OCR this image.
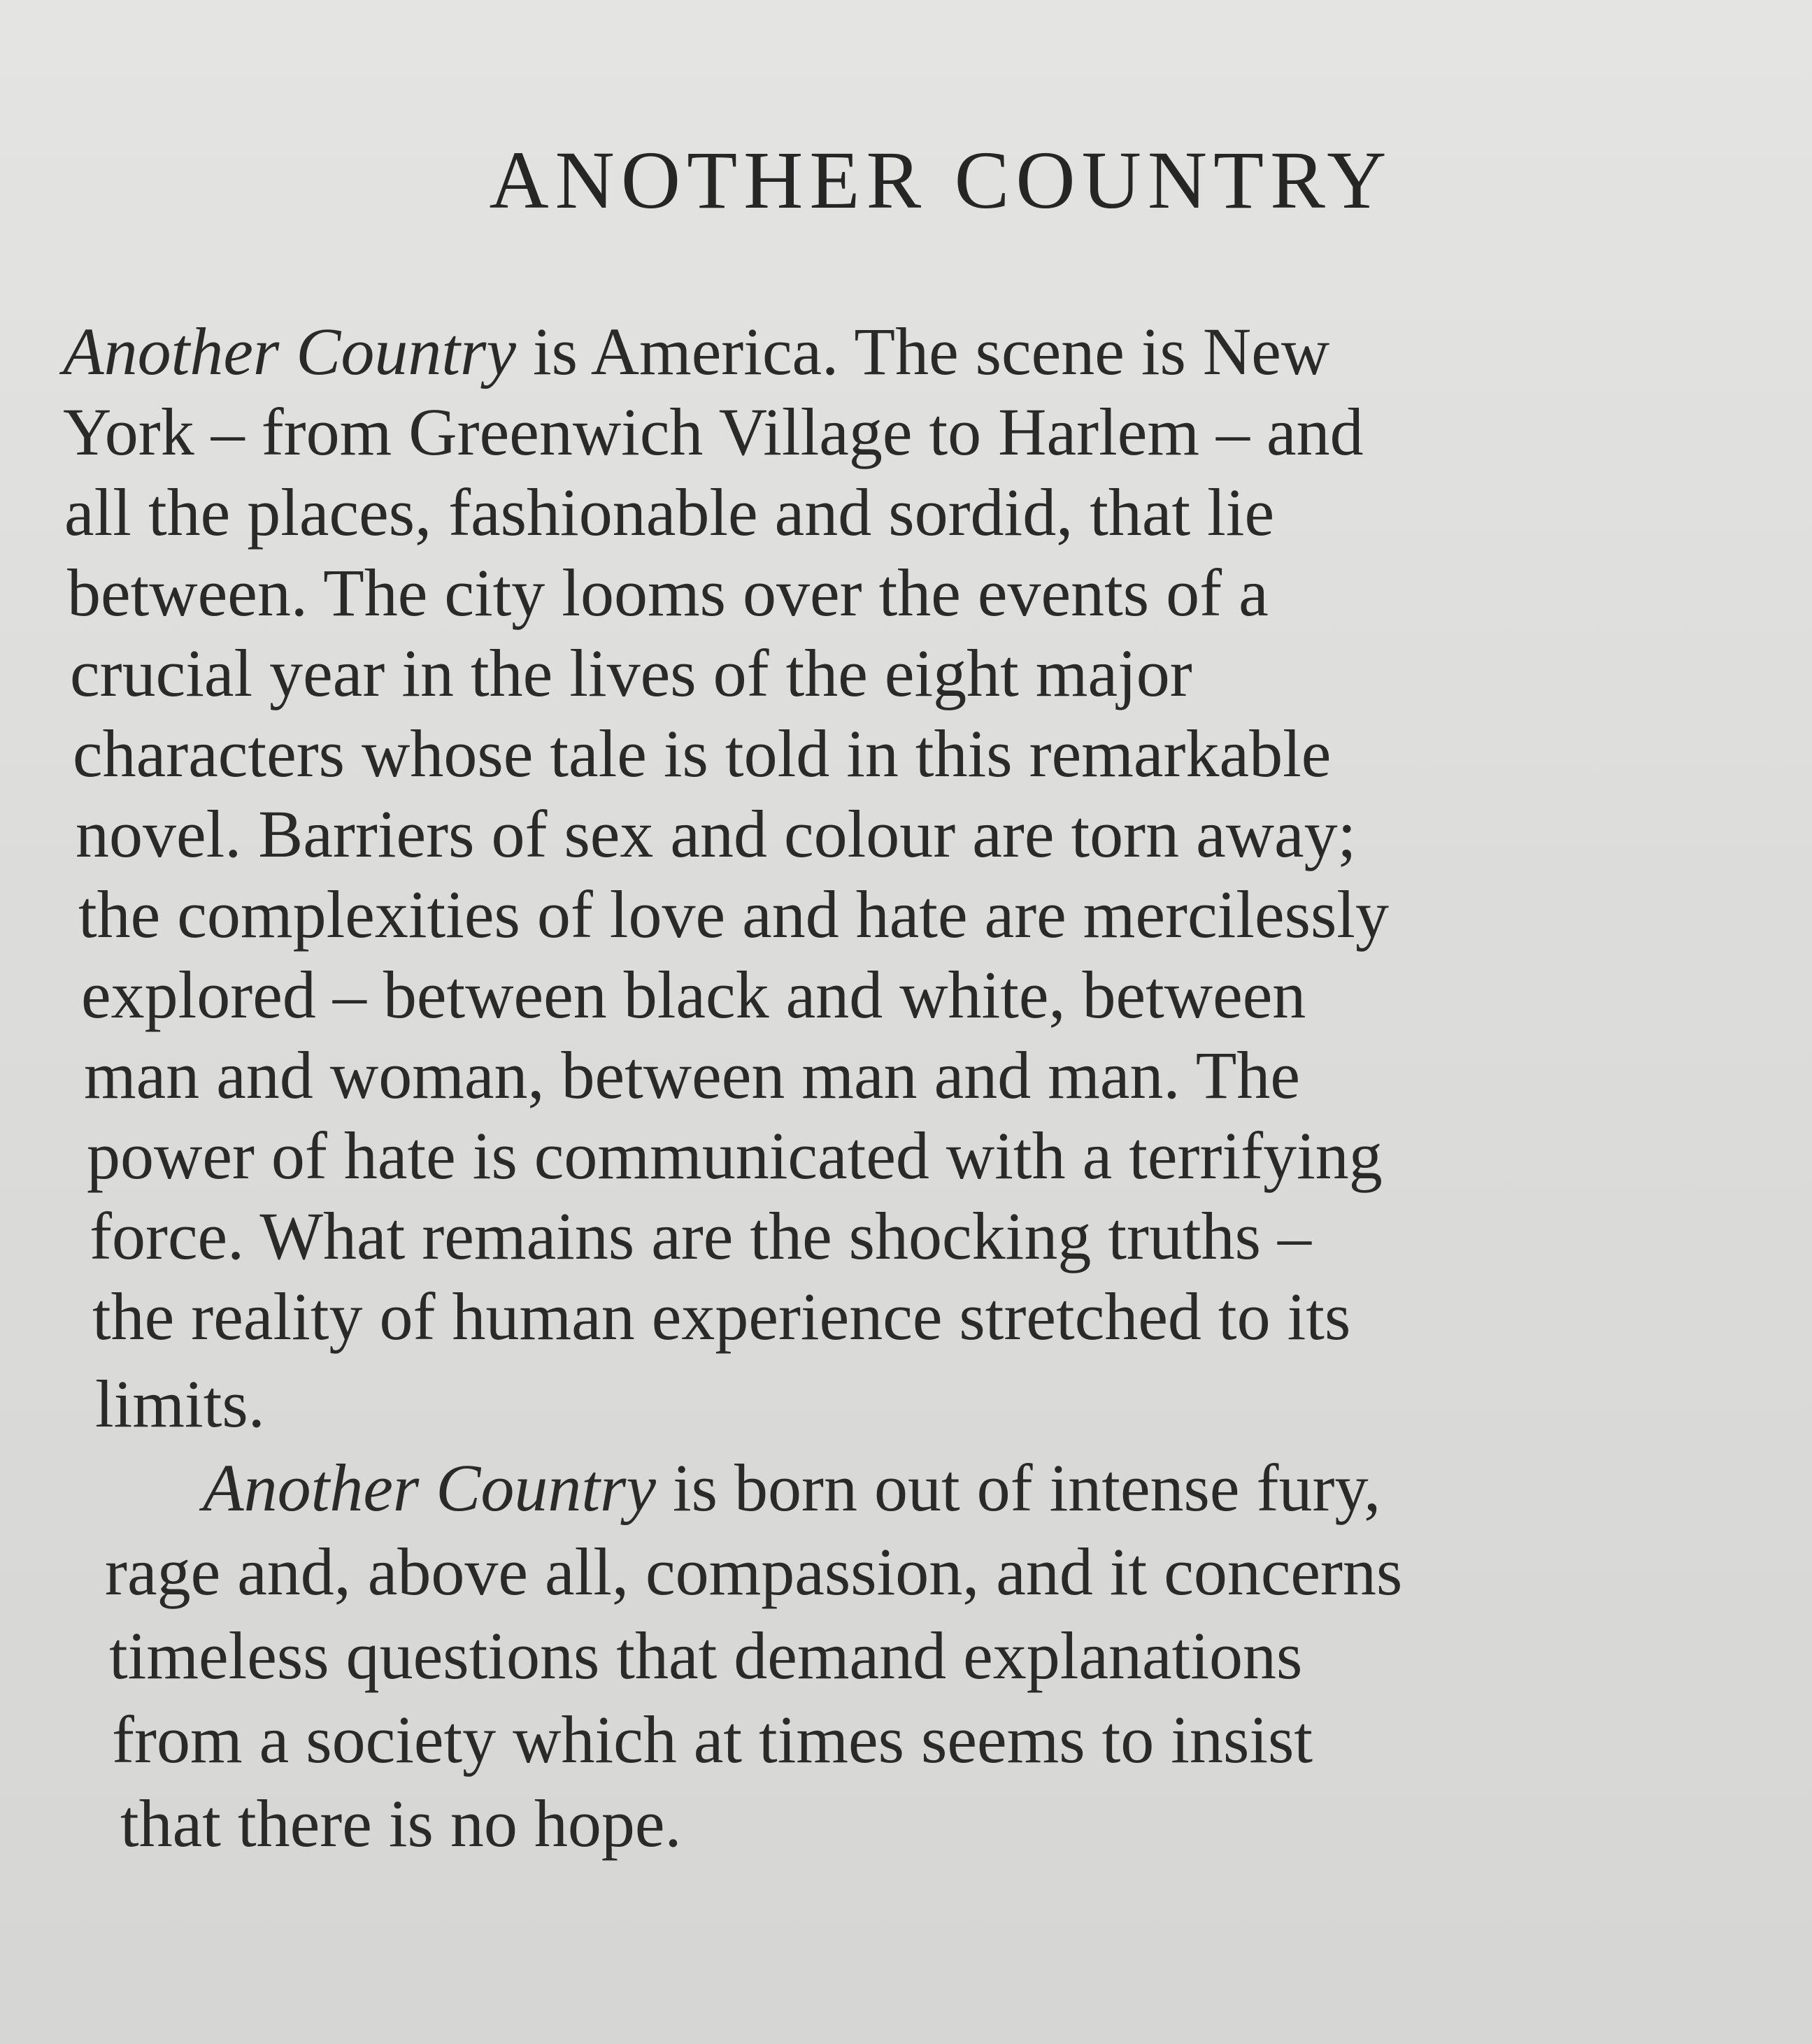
ANOTHER COUNTRY
Another Country is America. The scene is New
York – from Greenwich Village to Harlem – and
all the places, fashionable and sordid, that lie
between. The city looms over the events of a
crucial year in the lives of the eight major
characters whose tale is told in this remarkable
novel. Barriers of sex and colour are torn away;
the complexities of love and hate are mercilessly
explored – between black and white, between
man and woman, between man and man. The
power of hate is communicated with a terrifying
force. What remains are the shocking truths –
the reality of human experience stretched to its
limits.
Another Country is born out of intense fury,
rage and, above all, compassion, and it concerns
timeless questions that demand explanations
from a society which at times seems to insist
that there is no hope.
